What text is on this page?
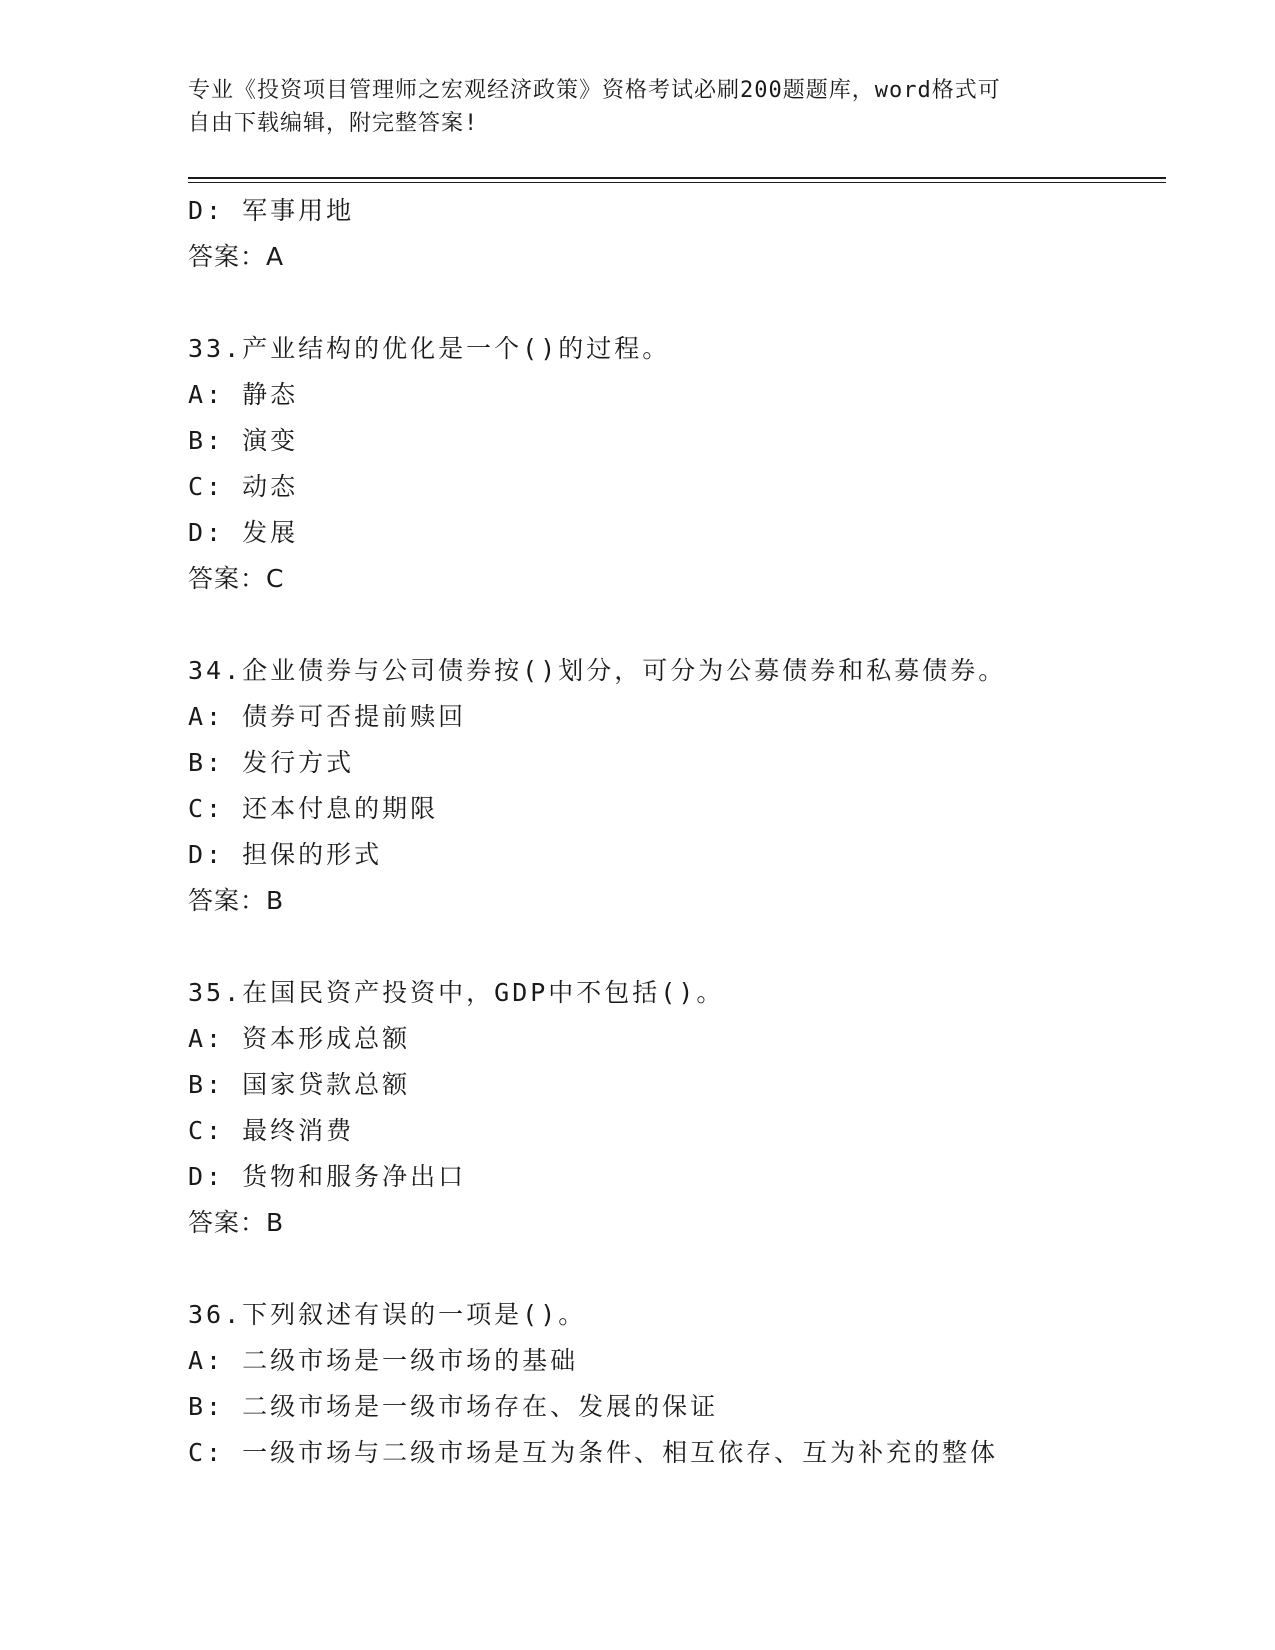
专业《投资项目管理师之宏观经济政策》资格考试必刷200题题库，word格式可
自由下载编辑，附完整答案!
D: 军事用地
答案：A
33.产业结构的优化是一个()的过程。
A: 静态
B: 演变
C: 动态
D: 发展
答案：C
34.企业债券与公司债券按()划分，可分为公募债券和私募债券。
A: 债券可否提前赎回
B: 发行方式
C: 还本付息的期限
D: 担保的形式
答案：B
35.在国民资产投资中，GDP中不包括()。
A: 资本形成总额
B: 国家贷款总额
C: 最终消费
D: 货物和服务净出口
答案：B
36.下列叙述有误的一项是()。
A: 二级市场是一级市场的基础
B: 二级市场是一级市场存在、发展的保证
C: 一级市场与二级市场是互为条件、相互依存、互为补充的整体
